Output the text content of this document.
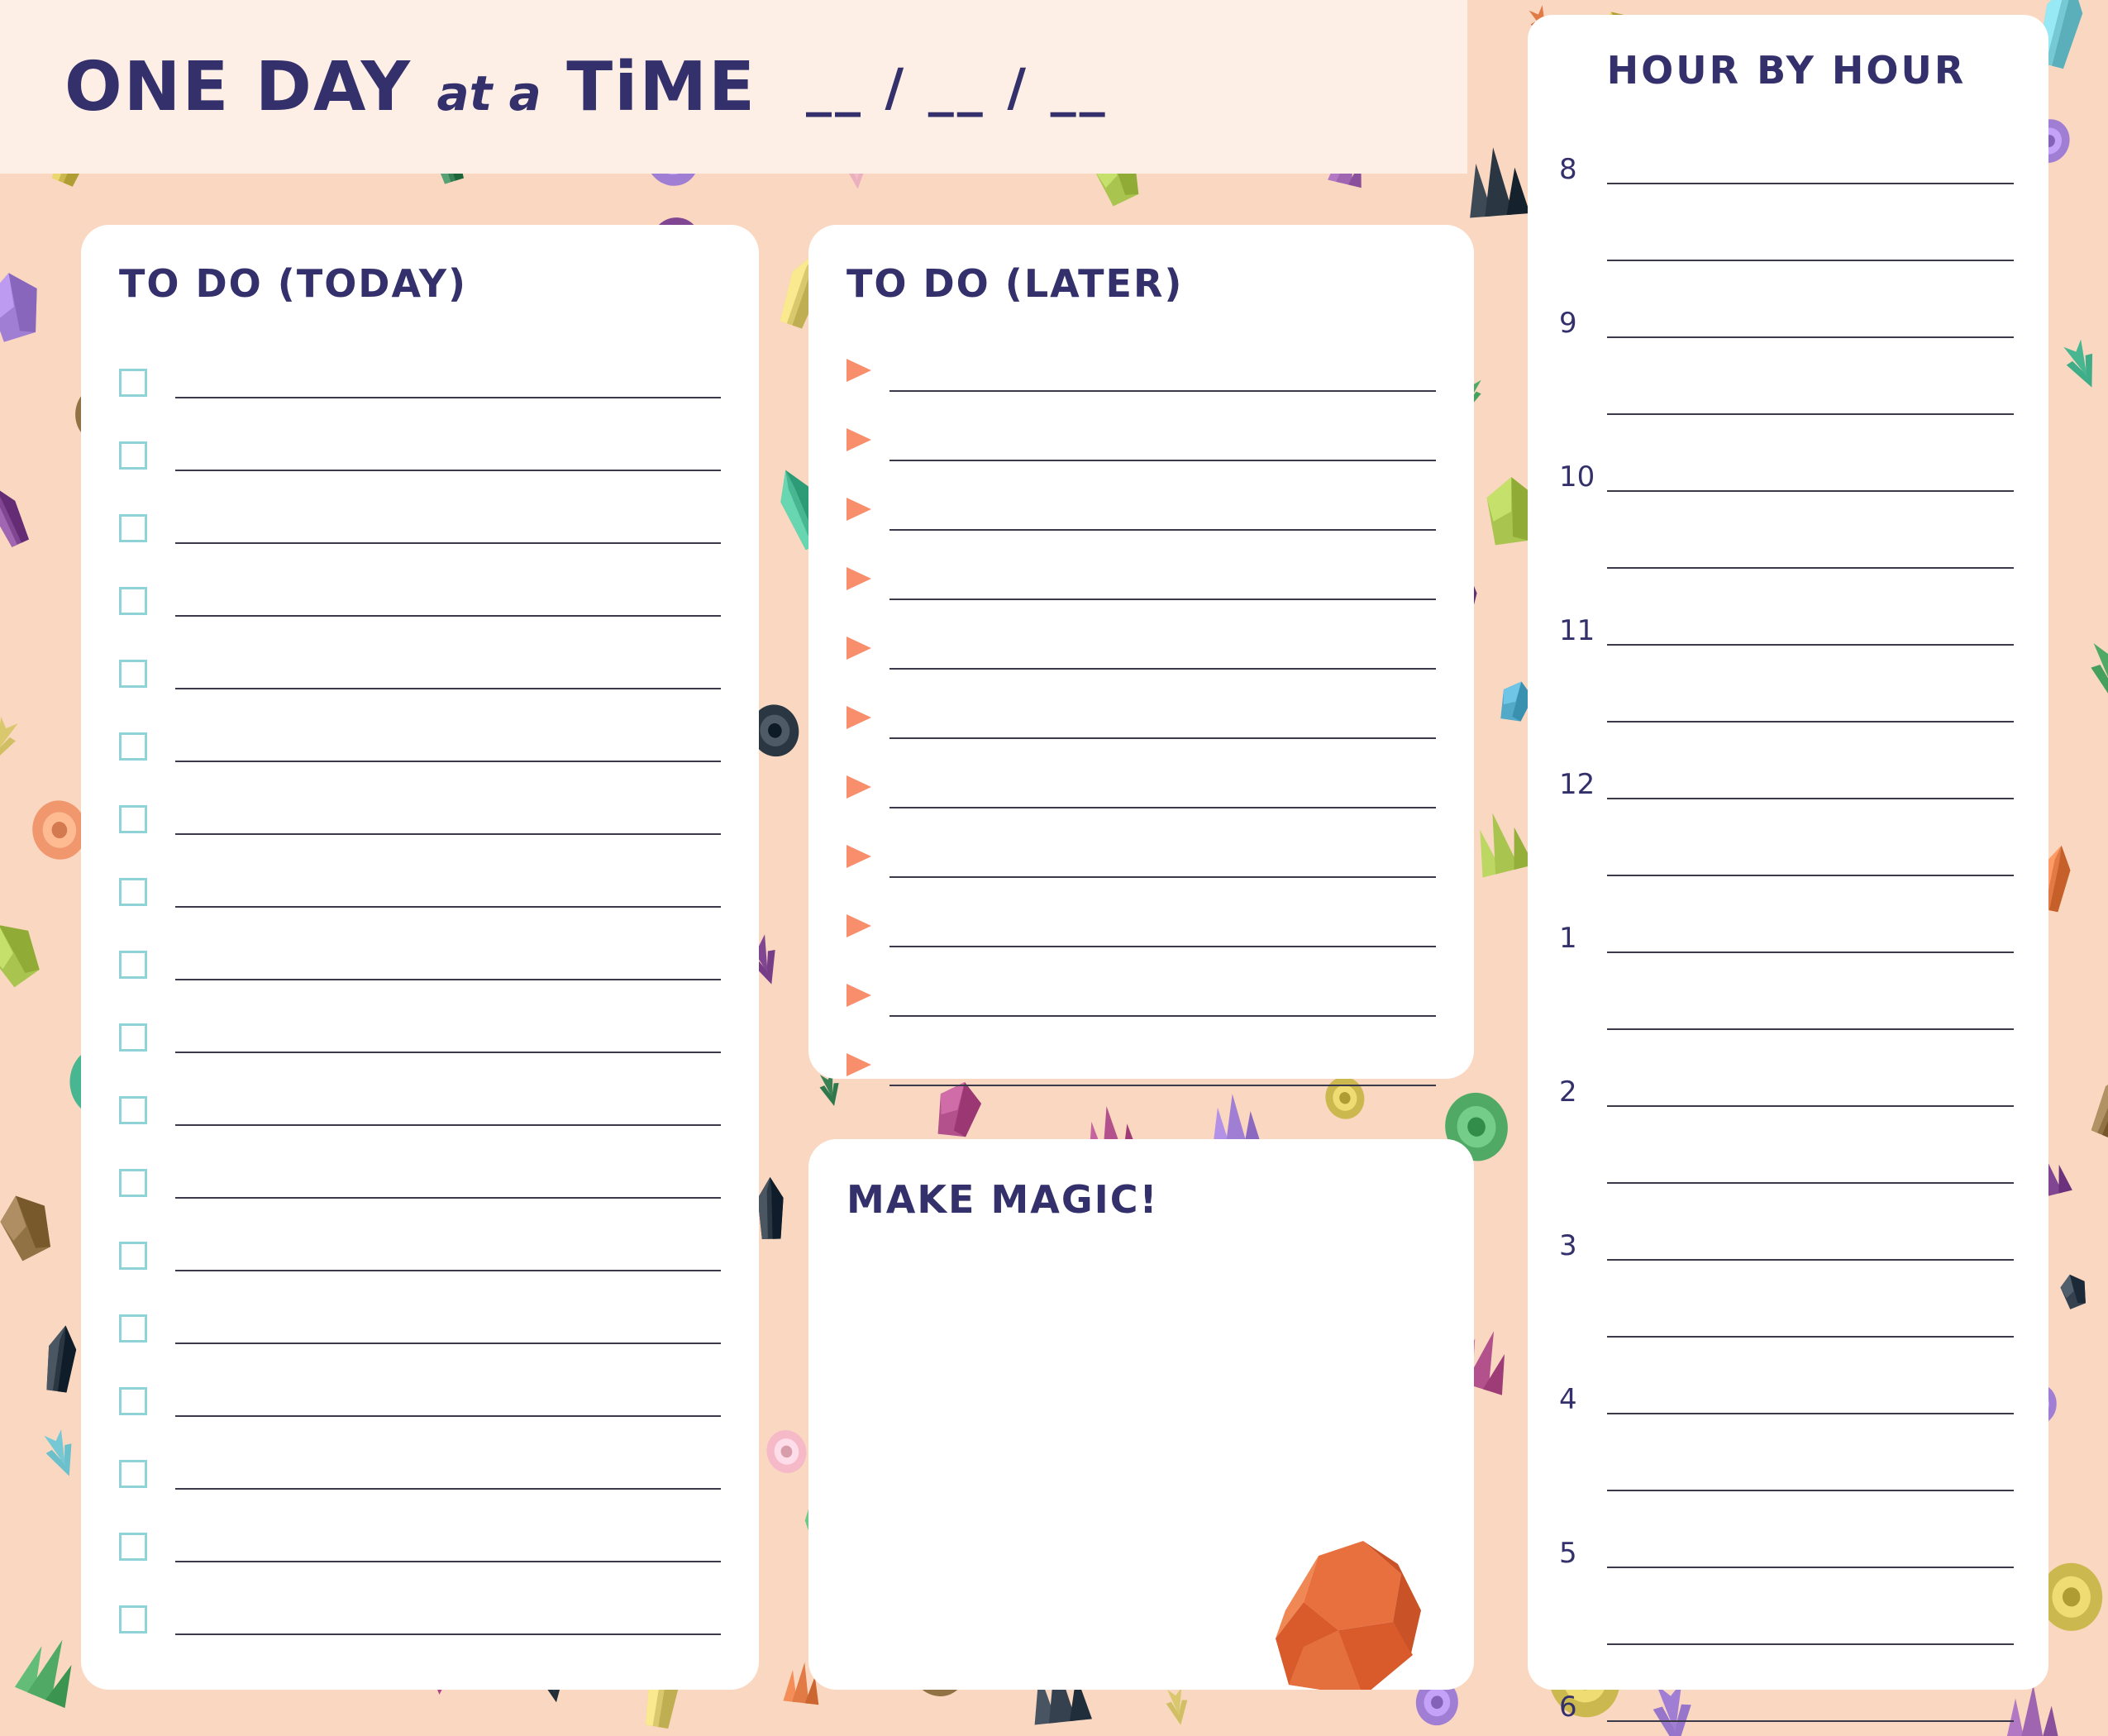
ONE DAY at a TiME __ / __ / __
TO DO (TODAY)	TO DO (LATER)
MAKE MAGIC!
HOUR BY HOUR
8
9
10
11
12
1
2
3
4
5
6
